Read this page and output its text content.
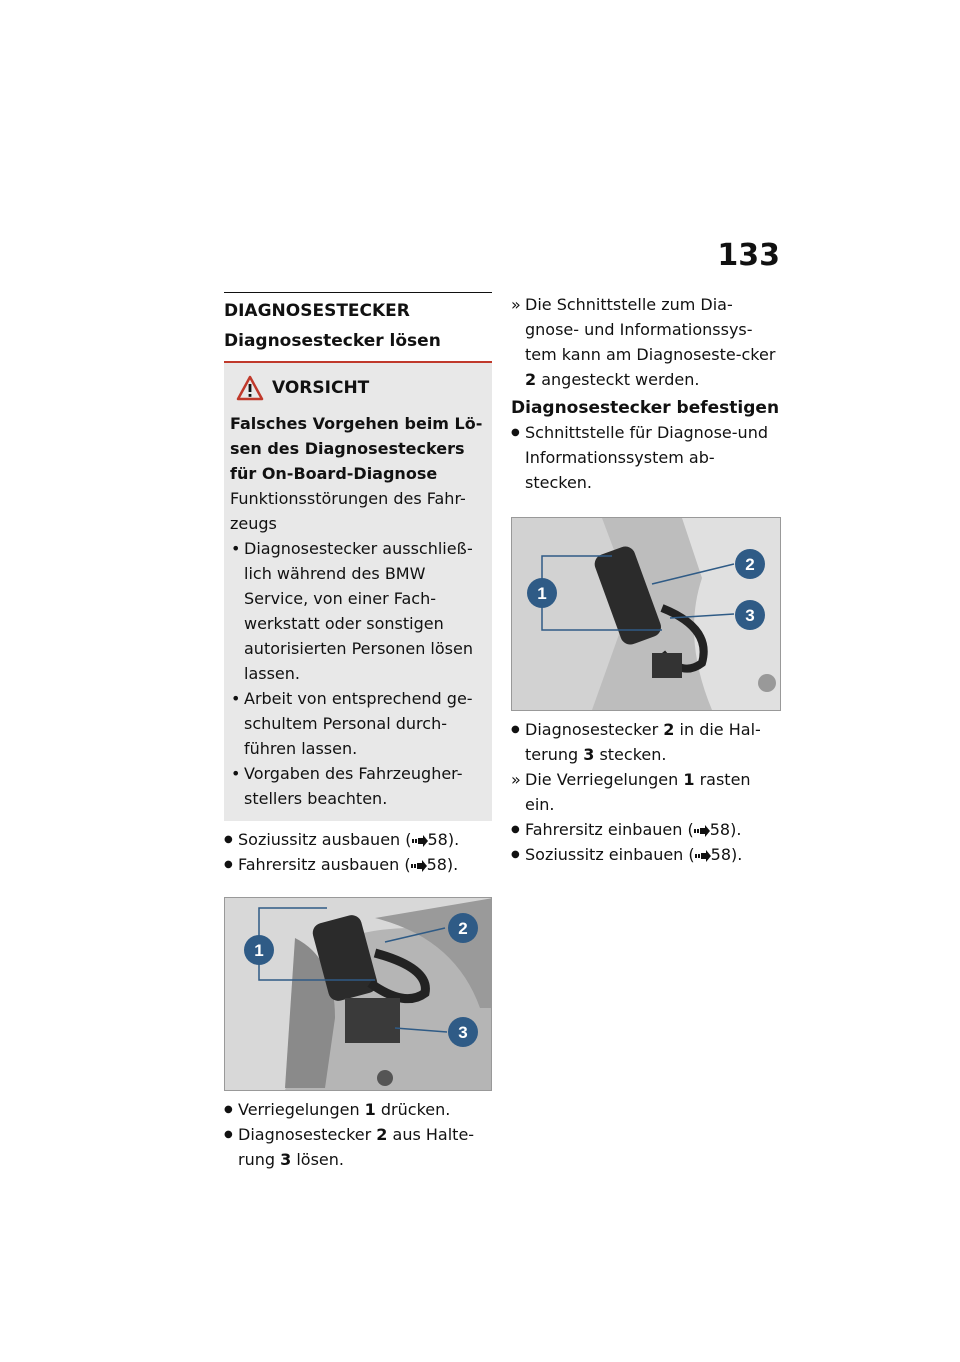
133
DIAGNOSESTECKER
Diagnosestecker lösen
VORSICHT
Falsches Vorgehen beim Lö-sen des Diagnosesteckers für On-Board-Diagnose
Funktionsstörungen des Fahr-zeugs
• Diagnosestecker ausschließ-lich während des BMW Service, von einer Fach-werkstatt oder sonstigen autorisierten Personen lösen lassen.
• Arbeit von entsprechend ge-schultem Personal durch-führen lassen.
• Vorgaben des Fahrzeugher-stellers beachten.
● Soziussitz ausbauen ( 58).
● Fahrersitz ausbauen ( 58).
1
2
3
● Verriegelungen 1 drücken.
● Diagnosestecker 2 aus Halte-rung 3 lösen.
» Die Schnittstelle zum Dia-gnose- und Informationssys-tem kann am Diagnoseste-cker 2 angesteckt werden.
Diagnosestecker befestigen
● Schnittstelle für Diagnose-und Informationssystem ab-stecken.
1
2
3
● Diagnosestecker 2 in die Hal-terung 3 stecken.
» Die Verriegelungen 1 rasten ein.
● Fahrersitz einbauen ( 58).
● Soziussitz einbauen ( 58).
